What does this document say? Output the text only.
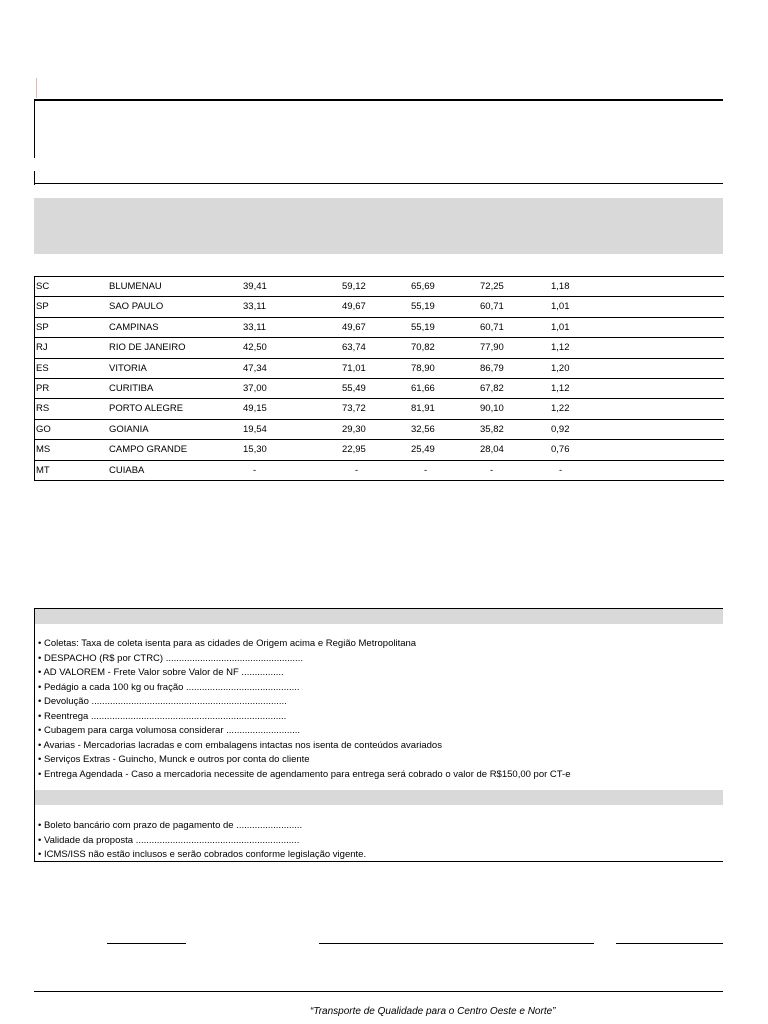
SC	BLUMENAU	39,41	59,12	65,69	72,25	1,18
SP	SAO PAULO	33,11	49,67	55,19	60,71	1,01
SP	CAMPINAS	33,11	49,67	55,19	60,71	1,01
RJ	RIO DE JANEIRO	42,50	63,74	70,82	77,90	1,12
ES	VITORIA	47,34	71,01	78,90	86,79	1,20
PR	CURITIBA	37,00	55,49	61,66	67,82	1,12
RS	PORTO ALEGRE	49,15	73,72	81,91	90,10	1,22
GO	GOIANIA	19,54	29,30	32,56	35,82	0,92
MS	CAMPO GRANDE	15,30	22,95	25,49	28,04	0,76
MT	CUIABA	-	-	-	-	-
• Coletas: Taxa de coleta isenta para as cidades de Origem acima e Região Metropolitana
• DESPACHO (R$ por CTRC) ....................................................
• AD VALOREM - Frete Valor sobre Valor de NF ................
• Pedágio a cada 100 kg ou fração ...........................................
• Devolução ..........................................................................
• Reentrega ..........................................................................
• Cubagem para carga volumosa considerar ............................
• Avarias - Mercadorias lacradas e com embalagens intactas nos isenta de conteúdos avariados
• Serviços Extras - Guincho, Munck e outros por conta do cliente
• Entrega Agendada - Caso a mercadoria necessite de agendamento para entrega será cobrado o valor de R$150,00 por CT-e
• Boleto bancário com prazo de pagamento de .........................
• Validade da proposta ..............................................................
• ICMS/ISS não estão inclusos e serão cobrados conforme legislação vigente.
“Transporte de Qualidade para o Centro Oeste e Norte”
